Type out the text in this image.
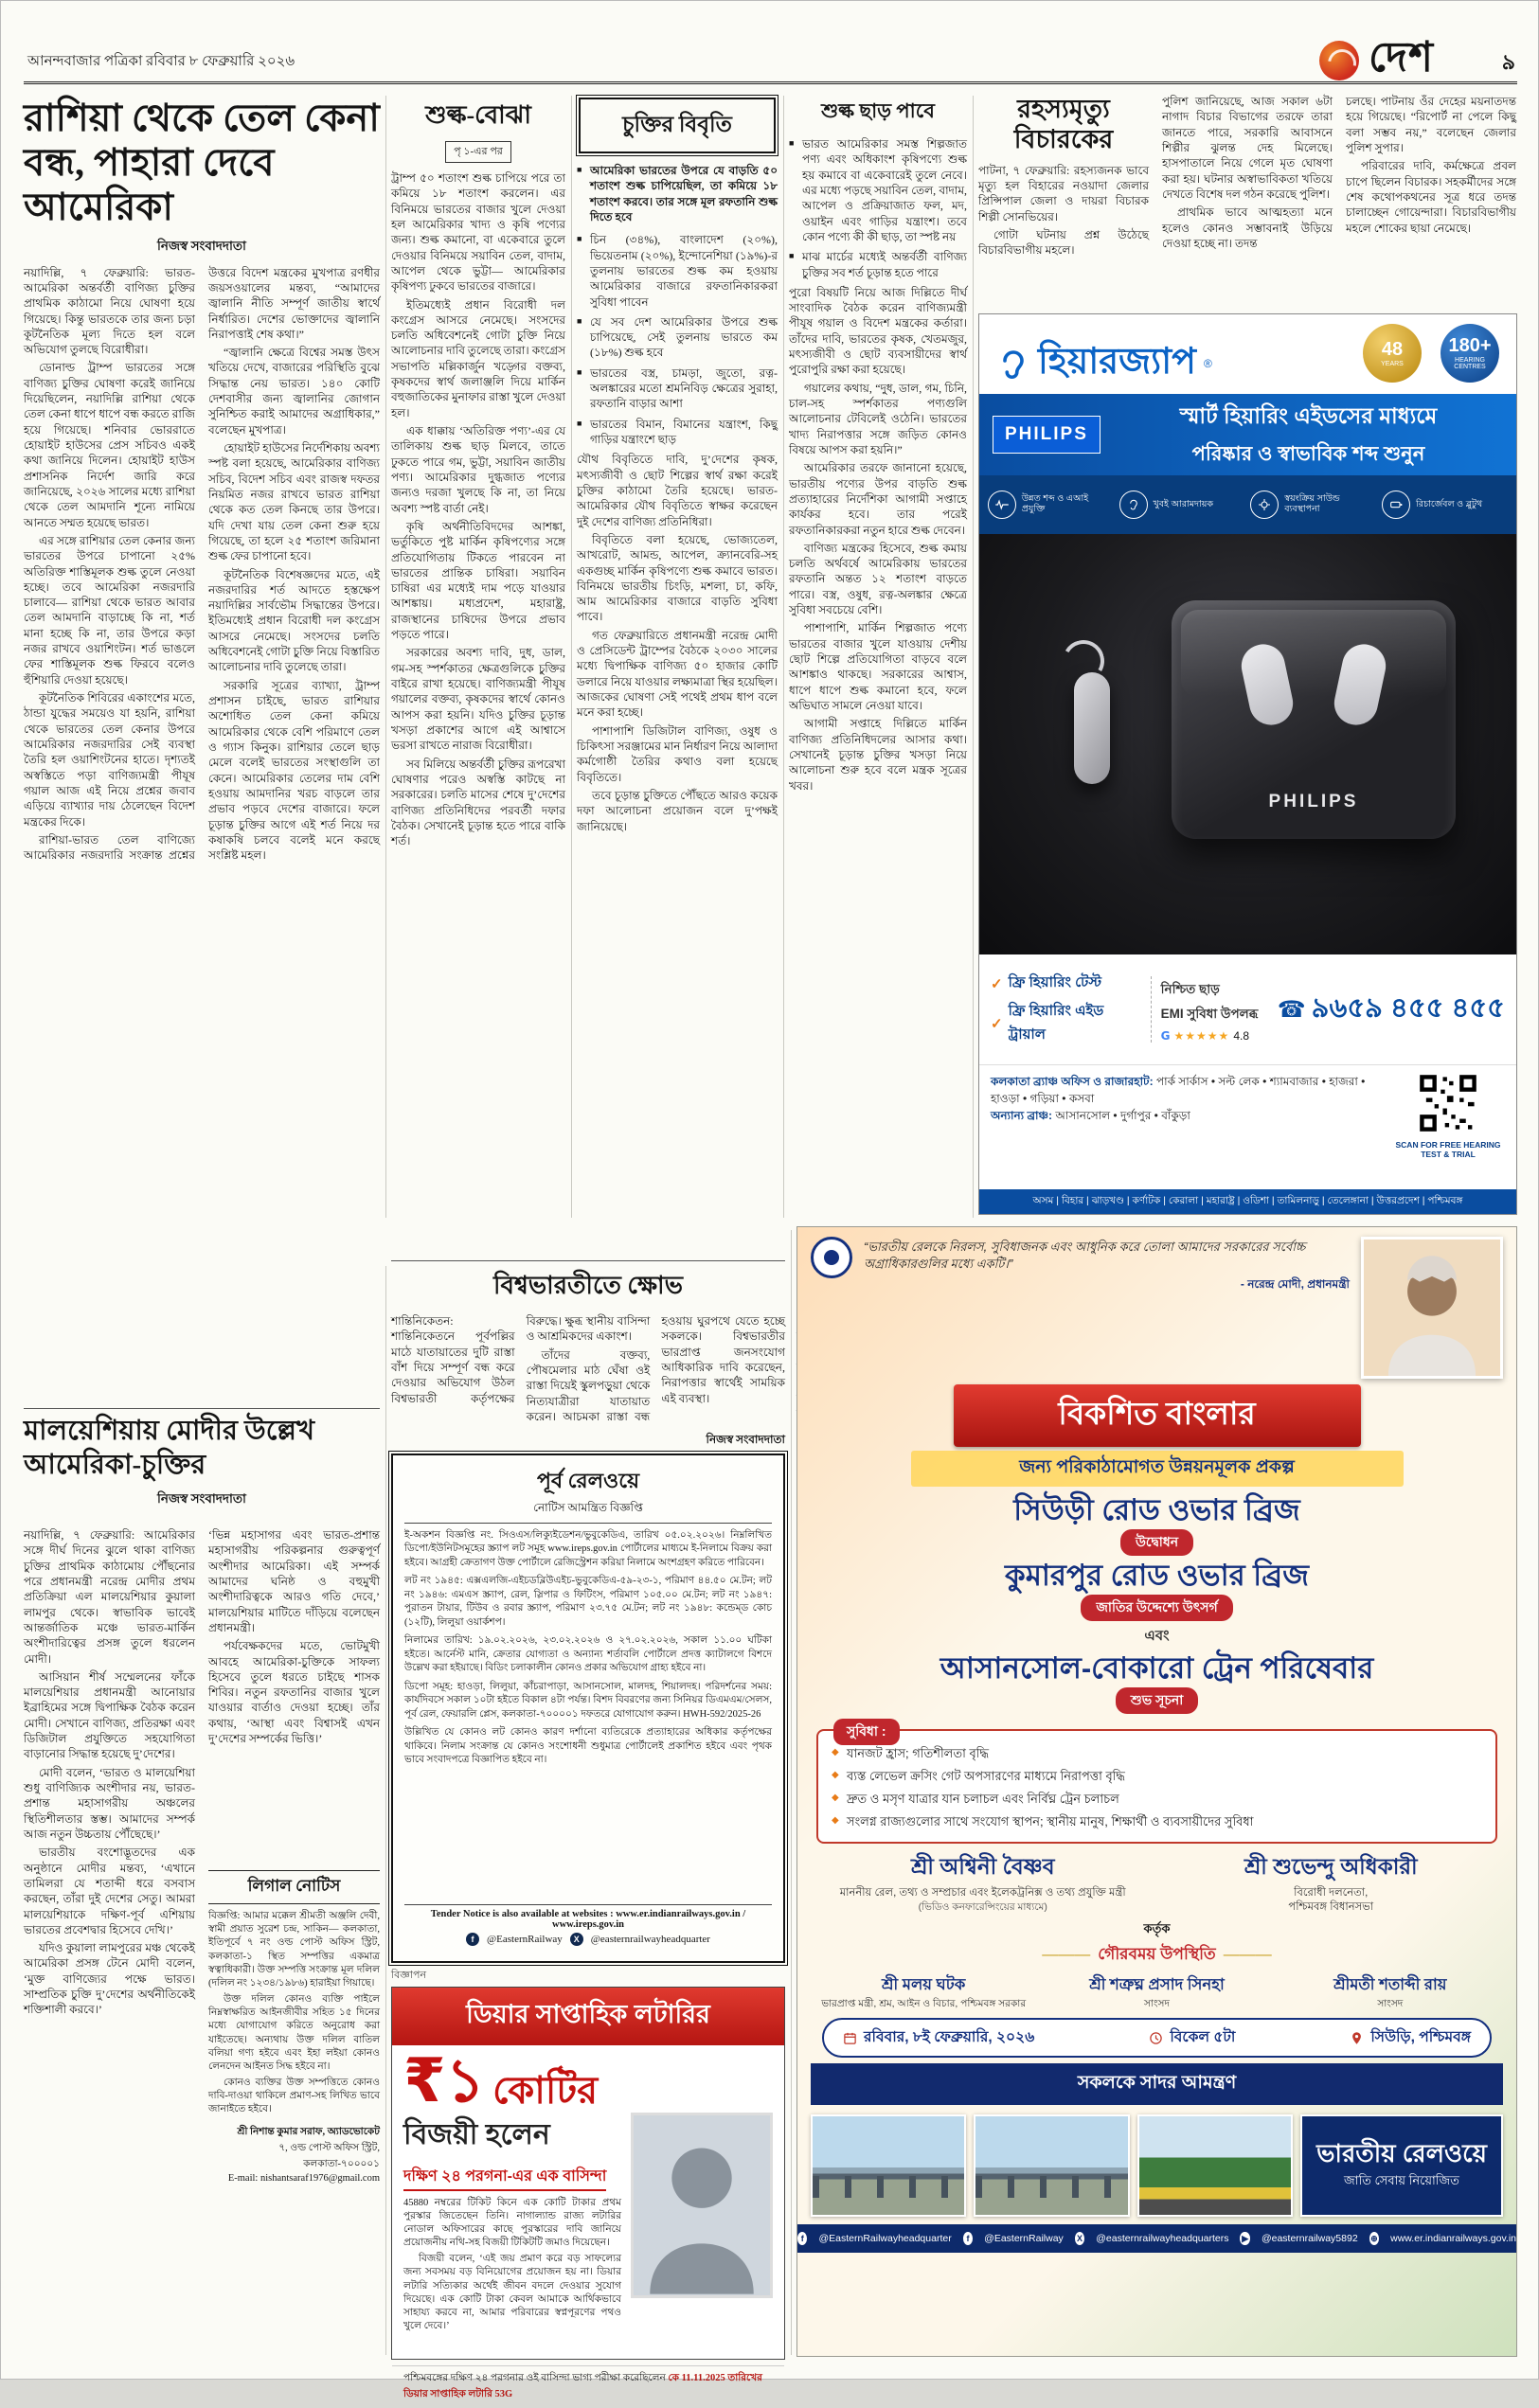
আনন্দবাজার পত্রিকা রবিবার ৮ ফেব্রুয়ারি ২০২৬	দেশ	৯
রাশিয়া থেকে তেল কেনা বন্ধ, পাহারা দেবে আমেরিকা
নিজস্ব সংবাদদাতা
নয়াদিল্লি, ৭ ফেব্রুয়ারি: ভারত-আমেরিকা অন্তর্বর্তী বাণিজ্য চুক্তির প্রাথমিক কাঠামো নিয়ে ঘোষণা হয়ে গিয়েছে। কিন্তু ভারতকে তার জন্য চড়া কূটনৈতিক মূল্য দিতে হল বলে অভিযোগ তুলছে বিরোধীরা।
ডোনাল্ড ট্রাম্প ভারতের সঙ্গে বাণিজ্য চুক্তির ঘোষণা করেই জানিয়ে দিয়েছিলেন, নয়াদিল্লি রাশিয়া থেকে তেল কেনা ধাপে ধাপে বন্ধ করতে রাজি হয়ে গিয়েছে। শনিবার ভোররাতে হোয়াইট হাউসের প্রেস সচিবও একই কথা জানিয়ে দিলেন। হোয়াইট হাউস প্রশাসনিক নির্দেশ জারি করে জানিয়েছে, ২০২৬ সালের মধ্যে রাশিয়া থেকে তেল আমদানি শূন্যে নামিয়ে আনতে সম্মত হয়েছে ভারত।
এর সঙ্গে রাশিয়ার তেল কেনার জন্য ভারতের উপরে চাপানো ২৫% অতিরিক্ত শাস্তিমূলক শুল্ক তুলে নেওয়া হচ্ছে। তবে আমেরিকা নজরদারি চালাবে— রাশিয়া থেকে ভারত আবার তেল আমদানি বাড়াচ্ছে কি না, শর্ত মানা হচ্ছে কি না, তার উপরে কড়া নজর রাখবে ওয়াশিংটন। শর্ত ভাঙলে ফের শাস্তিমূলক শুল্ক ফিরবে বলেও হুঁশিয়ারি দেওয়া হয়েছে।
কূটনৈতিক শিবিরের একাংশের মতে, ঠান্ডা যুদ্ধের সময়েও যা হয়নি, রাশিয়া থেকে ভারতের তেল কেনার উপরে আমেরিকার নজরদারির সেই ব্যবস্থা তৈরি হল ওয়াশিংটনের হাতে। দৃশ্যতই অস্বস্তিতে পড়া বাণিজ্যমন্ত্রী পীযূষ গয়াল আজ এই নিয়ে প্রশ্নের জবাব এড়িয়ে ব্যাখ্যার দায় ঠেলেছেন বিদেশ মন্ত্রকের দিকে।
রাশিয়া-ভারত তেল বাণিজ্যে আমেরিকার নজরদারি সংক্রান্ত প্রশ্নের উত্তরে বিদেশ মন্ত্রকের মুখপাত্র রণধীর জয়সওয়ালের মন্তব্য, “আমাদের জ্বালানি নীতি সম্পূর্ণ জাতীয় স্বার্থে নির্ধারিত। দেশের ভোক্তাদের জ্বালানি নিরাপত্তাই শেষ কথা।”
“জ্বালানি ক্ষেত্রে বিশ্বের সমস্ত উৎস খতিয়ে দেখে, বাজারের পরিস্থিতি বুঝে সিদ্ধান্ত নেয় ভারত। ১৪০ কোটি দেশবাসীর জন্য জ্বালানির জোগান সুনিশ্চিত করাই আমাদের অগ্রাধিকার,” বলেছেন মুখপাত্র।
হোয়াইট হাউসের নির্দেশিকায় অবশ্য স্পষ্ট বলা হয়েছে, আমেরিকার বাণিজ্য সচিব, বিদেশ সচিব এবং রাজস্ব দফতর নিয়মিত নজর রাখবে ভারত রাশিয়া থেকে কত তেল কিনছে তার উপরে। যদি দেখা যায় তেল কেনা শুরু হয়ে গিয়েছে, তা হলে ২৫ শতাংশ জরিমানা শুল্ক ফের চাপানো হবে।
কূটনৈতিক বিশেষজ্ঞদের মতে, এই নজরদারির শর্ত আদতে হস্তক্ষেপ নয়াদিল্লির সার্বভৌম সিদ্ধান্তের উপরে। ইতিমধ্যেই প্রধান বিরোধী দল কংগ্রেস আসরে নেমেছে। সংসদের চলতি অধিবেশনেই গোটা চুক্তি নিয়ে বিস্তারিত আলোচনার দাবি তুলেছে তারা।
সরকারি সূত্রের ব্যাখ্যা, ট্রাম্প প্রশাসন চাইছে, ভারত রাশিয়ার অশোধিত তেল কেনা কমিয়ে আমেরিকার থেকে বেশি পরিমাণে তেল ও গ্যাস কিনুক। রাশিয়ার তেলে ছাড় মেলে বলেই ভারতের সংস্থাগুলি তা কেনে। আমেরিকার তেলের দাম বেশি হওয়ায় আমদানির খরচ বাড়লে তার প্রভাব পড়বে দেশের বাজারে। ফলে চূড়ান্ত চুক্তির আগে এই শর্ত নিয়ে দর কষাকষি চলবে বলেই মনে করছে সংশ্লিষ্ট মহল।
শুল্ক-বোঝা
পৃ ১-এর পর
ট্রাম্প ৫০ শতাংশ শুল্ক চাপিয়ে পরে তা কমিয়ে ১৮ শতাংশ করলেন। এর বিনিময়ে ভারতের বাজার খুলে দেওয়া হল আমেরিকার খাদ্য ও কৃষি পণ্যের জন্য। শুল্ক কমানো, বা একেবারে তুলে দেওয়ার বিনিময়ে সয়াবিন তেল, বাদাম, আপেল থেকে ভুট্টা— আমেরিকার কৃষিপণ্য ঢুকবে ভারতের বাজারে।
ইতিমধ্যেই প্রধান বিরোধী দল কংগ্রেস আসরে নেমেছে। সংসদের চলতি অধিবেশনেই গোটা চুক্তি নিয়ে আলোচনার দাবি তুলেছে তারা। কংগ্রেস সভাপতি মল্লিকার্জুন খড়্গের বক্তব্য, কৃষকদের স্বার্থ জলাঞ্জলি দিয়ে মার্কিন বহুজাতিকের মুনাফার রাস্তা খুলে দেওয়া হল।
এক ধাক্কায় ‘অতিরিক্ত পণ্য’-এর যে তালিকায় শুল্ক ছাড় মিলবে, তাতে ঢুকতে পারে গম, ভুট্টা, সয়াবিন জাতীয় পণ্য। আমেরিকার দুগ্ধজাত পণ্যের জন্যও দরজা খুলছে কি না, তা নিয়ে অবশ্য স্পষ্ট বার্তা নেই।
কৃষি অর্থনীতিবিদদের আশঙ্কা, ভর্তুকিতে পুষ্ট মার্কিন কৃষিপণ্যের সঙ্গে প্রতিযোগিতায় টিকতে পারবেন না ভারতের প্রান্তিক চাষিরা। সয়াবিন চাষিরা এর মধ্যেই দাম পড়ে যাওয়ার আশঙ্কায়। মধ্যপ্রদেশ, মহারাষ্ট্র, রাজস্থানের চাষিদের উপরে প্রভাব পড়তে পারে।
সরকারের অবশ্য দাবি, দুধ, ডাল, গম-সহ স্পর্শকাতর ক্ষেত্রগুলিকে চুক্তির বাইরে রাখা হয়েছে। বাণিজ্যমন্ত্রী পীযূষ গয়ালের বক্তব্য, কৃষকদের স্বার্থে কোনও আপস করা হয়নি। যদিও চুক্তির চূড়ান্ত খসড়া প্রকাশের আগে এই আশ্বাসে ভরসা রাখতে নারাজ বিরোধীরা।
সব মিলিয়ে অন্তর্বর্তী চুক্তির রূপরেখা ঘোষণার পরেও অস্বস্তি কাটছে না সরকারের। চলতি মাসের শেষে দু’দেশের বাণিজ্য প্রতিনিধিদের পরবর্তী দফার বৈঠক। সেখানেই চূড়ান্ত হতে পারে বাকি শর্ত।
চুক্তির বিবৃতি
■ আমেরিকা ভারতের উপরে যে বাড়তি ৫০ শতাংশ শুল্ক চাপিয়েছিল, তা কমিয়ে ১৮ শতাংশ করবে। তার সঙ্গে মূল রফতানি শুল্ক দিতে হবে
■ চিন (৩৪%), বাংলাদেশ (২০%), ভিয়েতনাম (২০%), ইন্দোনেশিয়া (১৯%)-র তুলনায় ভারতের শুল্ক কম হওয়ায় আমেরিকার বাজারে রফতানিকারকরা সুবিধা পাবেন
■ যে সব দেশ আমেরিকার উপরে শুল্ক চাপিয়েছে, সেই তুলনায় ভারতে কম (১৮%) শুল্ক হবে
■ ভারতের বস্ত্র, চামড়া, জুতো, রত্ন-অলঙ্কারের মতো শ্রমনিবিড় ক্ষেত্রের সুরাহা, রফতানি বাড়ার আশা
■ ভারতের বিমান, বিমানের যন্ত্রাংশ, কিছু গাড়ির যন্ত্রাংশে ছাড়
যৌথ বিবৃতিতে দাবি, দু’দেশের কৃষক, মৎস্যজীবী ও ছোট শিল্পের স্বার্থ রক্ষা করেই চুক্তির কাঠামো তৈরি হয়েছে। ভারত-আমেরিকার যৌথ বিবৃতিতে স্বাক্ষর করেছেন দুই দেশের বাণিজ্য প্রতিনিধিরা।
বিবৃতিতে বলা হয়েছে, ভোজ্যতেল, আখরোট, আমন্ড, আপেল, ক্র্যানবেরি-সহ একগুচ্ছ মার্কিন কৃষিপণ্যে শুল্ক কমাবে ভারত। বিনিময়ে ভারতীয় চিংড়ি, মশলা, চা, কফি, আম আমেরিকার বাজারে বাড়তি সুবিধা পাবে।
গত ফেব্রুয়ারিতে প্রধানমন্ত্রী নরেন্দ্র মোদী ও প্রেসিডেন্ট ট্রাম্পের বৈঠকে ২০৩০ সালের মধ্যে দ্বিপাক্ষিক বাণিজ্য ৫০ হাজার কোটি ডলারে নিয়ে যাওয়ার লক্ষ্যমাত্রা স্থির হয়েছিল। আজকের ঘোষণা সেই পথেই প্রথম ধাপ বলে মনে করা হচ্ছে।
পাশাপাশি ডিজিটাল বাণিজ্য, ওষুধ ও চিকিৎসা সরঞ্জামের মান নির্ধারণ নিয়ে আলাদা কর্মগোষ্ঠী তৈরির কথাও বলা হয়েছে বিবৃতিতে।
তবে চূড়ান্ত চুক্তিতে পৌঁছতে আরও কয়েক দফা আলোচনা প্রয়োজন বলে দু’পক্ষই জানিয়েছে।
শুল্ক ছাড় পাবে
■ ভারত আমেরিকার সমস্ত শিল্পজাত পণ্য এবং অধিকাংশ কৃষিপণ্যে শুল্ক হয় কমাবে বা একেবারেই তুলে নেবে। এর মধ্যে পড়ছে সয়াবিন তেল, বাদাম, আপেল ও প্রক্রিয়াজাত ফল, মদ, ওয়াইন এবং গাড়ির যন্ত্রাংশ। তবে কোন পণ্যে কী কী ছাড়, তা স্পষ্ট নয়
■ মাঝ মার্চের মধ্যেই অন্তর্বর্তী বাণিজ্য চুক্তির সব শর্ত চূড়ান্ত হতে পারে
পুরো বিষয়টি নিয়ে আজ দিল্লিতে দীর্ঘ সাংবাদিক বৈঠক করেন বাণিজ্যমন্ত্রী পীযূষ গয়াল ও বিদেশ মন্ত্রকের কর্তারা। তাঁদের দাবি, ভারতের কৃষক, খেতমজুর, মৎস্যজীবী ও ছোট ব্যবসায়ীদের স্বার্থ পুরোপুরি রক্ষা করা হয়েছে।
গয়ালের কথায়, “দুধ, ডাল, গম, চিনি, চাল-সহ স্পর্শকাতর পণ্যগুলি আলোচনার টেবিলেই ওঠেনি। ভারতের খাদ্য নিরাপত্তার সঙ্গে জড়িত কোনও বিষয়ে আপস করা হয়নি।”
আমেরিকার তরফে জানানো হয়েছে, ভারতীয় পণ্যের উপর বাড়তি শুল্ক প্রত্যাহারের নির্দেশিকা আগামী সপ্তাহে কার্যকর হবে। তার পরেই রফতানিকারকরা নতুন হারে শুল্ক দেবেন।
বাণিজ্য মন্ত্রকের হিসেবে, শুল্ক কমায় চলতি অর্থবর্ষে আমেরিকায় ভারতের রফতানি অন্তত ১২ শতাংশ বাড়তে পারে। বস্ত্র, ওষুধ, রত্ন-অলঙ্কার ক্ষেত্রে সুবিধা সবচেয়ে বেশি।
পাশাপাশি, মার্কিন শিল্পজাত পণ্যে ভারতের বাজার খুলে যাওয়ায় দেশীয় ছোট শিল্পে প্রতিযোগিতা বাড়বে বলে আশঙ্কাও থাকছে। সরকারের আশ্বাস, ধাপে ধাপে শুল্ক কমানো হবে, ফলে অভিঘাত সামলে নেওয়া যাবে।
আগামী সপ্তাহে দিল্লিতে মার্কিন বাণিজ্য প্রতিনিধিদলের আসার কথা। সেখানেই চূড়ান্ত চুক্তির খসড়া নিয়ে আলোচনা শুরু হবে বলে মন্ত্রক সূত্রের খবর।
রহস্যমৃত্যু বিচারকের
পাটনা, ৭ ফেব্রুয়ারি: রহস্যজনক ভাবে মৃত্যু হল বিহারের নওয়াদা জেলার প্রিন্সিপাল জেলা ও দায়রা বিচারক শিল্পী সোনভিয়ের।
গোটা ঘটনায় প্রশ্ন উঠেছে বিচারবিভাগীয় মহলে।
পুলিশ জানিয়েছে, আজ সকাল ৬টা নাগাদ বিচার বিভাগের তরফে তারা জানতে পারে, সরকারি আবাসনে শিল্পীর ঝুলন্ত দেহ মিলেছে। হাসপাতালে নিয়ে গেলে মৃত ঘোষণা করা হয়। ঘটনার অস্বাভাবিকতা খতিয়ে দেখতে বিশেষ দল গঠন করেছে পুলিশ।
প্রাথমিক ভাবে আত্মহত্যা মনে হলেও কোনও সম্ভাবনাই উড়িয়ে দেওয়া হচ্ছে না। তদন্ত
চলছে। পাটনায় ওঁর দেহের ময়নাতদন্ত হয়ে গিয়েছে। “রিপোর্ট না পেলে কিছু বলা সম্ভব নয়,” বলেছেন জেলার পুলিশ সুপার।
পরিবারের দাবি, কর্মক্ষেত্রে প্রবল চাপে ছিলেন বিচারক। সহকর্মীদের সঙ্গে শেষ কথোপকথনের সূত্র ধরে তদন্ত চালাচ্ছেন গোয়েন্দারা। বিচারবিভাগীয় মহলে শোকের ছায়া নেমেছে।
হিয়ারজ্যাপ ®
48
YEARS
180+
HEARING CENTRES
PHILIPS
স্মার্ট হিয়ারিং এইডসের মাধ্যমে
পরিষ্কার ও স্বাভাবিক শব্দ শুনুন
উন্নত শব্দ ও এআই প্রযুক্তি	খুবই আরামদায়ক	স্বয়ংক্রিয় সাউন্ড ব্যবস্থাপনা	রিচার্জেবল ও ব্লুটুথ
PHILIPS
✓ ফ্রি হিয়ারিং টেস্ট
✓
ফ্রি হিয়ারিং এইড ট্রায়াল
নিশ্চিত ছাড়
EMI সুবিধা উপলব্ধ
G ★★★★★ 4.8
☎ ৯৬৫৯ ৪৫৫ ৪৫৫
কলকাতা ব্র্যাঞ্চ অফিস ও রাজারহাট: পার্ক সার্কাস • সল্ট লেক • শ্যামবাজার • হাজরা • হাওড়া • গড়িয়া • কসবা
অন্যান্য ব্রাঞ্চ: আসানসোল • দুর্গাপুর • বাঁকুড়া
SCAN FOR FREE HEARING TEST & TRIAL
অসম | বিহার | ঝাড়খণ্ড | কর্ণাটক | কেরালা | মহারাষ্ট্র | ওডিশা | তামিলনাড়ু | তেলেঙ্গানা | উত্তরপ্রদেশ | পশ্চিমবঙ্গ
মালয়েশিয়ায় মোদীর উল্লেখ আমেরিকা-চুক্তির
নিজস্ব সংবাদদাতা
নয়াদিল্লি, ৭ ফেব্রুয়ারি: আমেরিকার সঙ্গে দীর্ঘ দিনের ঝুলে থাকা বাণিজ্য চুক্তির প্রাথমিক কাঠামোয় পৌঁছনোর পরে প্রধানমন্ত্রী নরেন্দ্র মোদীর প্রথম প্রতিক্রিয়া এল মালয়েশিয়ার কুয়ালা লামপুর থেকে। স্বাভাবিক ভাবেই আন্তর্জাতিক মঞ্চে ভারত-মার্কিন অংশীদারিত্বের প্রসঙ্গ তুলে ধরলেন মোদী।
আসিয়ান শীর্ষ সম্মেলনের ফাঁকে মালয়েশিয়ার প্রধানমন্ত্রী আনোয়ার ইব্রাহিমের সঙ্গে দ্বিপাক্ষিক বৈঠক করেন মোদী। সেখানে বাণিজ্য, প্রতিরক্ষা এবং ডিজিটাল প্রযুক্তিতে সহযোগিতা বাড়ানোর সিদ্ধান্ত হয়েছে দু’দেশের।
মোদী বলেন, ‘ভারত ও মালয়েশিয়া শুধু বাণিজ্যিক অংশীদার নয়, ভারত-প্রশান্ত মহাসাগরীয় অঞ্চলের স্থিতিশীলতার স্তম্ভ। আমাদের সম্পর্ক আজ নতুন উচ্চতায় পৌঁছেছে।’
ভারতীয় বংশোদ্ভূতদের এক অনুষ্ঠানে মোদীর মন্তব্য, ‘এখানে তামিলরা যে শতাব্দী ধরে বসবাস করছেন, তাঁরা দুই দেশের সেতু। আমরা মালয়েশিয়াকে দক্ষিণ-পূর্ব এশিয়ায় ভারতের প্রবেশদ্বার হিসেবে দেখি।’
যদিও কুয়ালা লামপুরের মঞ্চ থেকেই আমেরিকা প্রসঙ্গ টেনে মোদী বলেন, ‘মুক্ত বাণিজ্যের পক্ষে ভারত। সাম্প্রতিক চুক্তি দু’দেশের অর্থনীতিকেই শক্তিশালী করবে।’
‘ভিন্ন মহাসাগর এবং ভারত-প্রশান্ত মহাসাগরীয় পরিকল্পনার গুরুত্বপূর্ণ অংশীদার আমেরিকা। এই সম্পর্ক আমাদের ঘনিষ্ঠ ও বহুমুখী অংশীদারিত্বকে আরও গতি দেবে,’ মালয়েশিয়ার মাটিতে দাঁড়িয়ে বলেছেন প্রধানমন্ত্রী।
পর্যবেক্ষকদের মতে, ভোটমুখী আবহে আমেরিকা-চুক্তিকে সাফল্য হিসেবে তুলে ধরতে চাইছে শাসক শিবির। নতুন রফতানির বাজার খুলে যাওয়ার বার্তাও দেওয়া হচ্ছে। তাঁর কথায়, ‘আস্থা এবং বিশ্বাসই এখন দু’দেশের সম্পর্কের ভিত্তি।’
লিগাল নোটিস
বিজ্ঞপ্তি: আমার মক্কেল শ্রীমতী অঞ্জলি দেবী, স্বামী প্রয়াত সুরেশ চন্দ্র, সাকিন— কলকাতা, ইতিপূর্বে ৭ নং ওল্ড পোস্ট অফিস স্ট্রিট, কলকাতা-১ স্থিত সম্পত্তির একমাত্র স্বত্বাধিকারী। উক্ত সম্পত্তি সংক্রান্ত মূল দলিল (দলিল নং ১২৩৪/১৯৮৬) হারাইয়া গিয়াছে।
উক্ত দলিল কোনও ব্যক্তি পাইলে নিম্নস্বাক্ষরিত আইনজীবীর সহিত ১৫ দিনের মধ্যে যোগাযোগ করিতে অনুরোধ করা যাইতেছে। অন্যথায় উক্ত দলিল বাতিল বলিয়া গণ্য হইবে এবং ইহা লইয়া কোনও লেনদেন আইনত সিদ্ধ হইবে না।
কোনও ব্যক্তির উক্ত সম্পত্তিতে কোনও দাবি-দাওয়া থাকিলে প্রমাণ-সহ লিখিত ভাবে জানাইতে হইবে।
শ্রী নিশান্ত কুমার সরাফ, অ্যাডভোকেট
৭, ওল্ড পোস্ট অফিস স্ট্রিট, কলকাতা-৭০০০০১
E-mail: nishantsaraf1976@gmail.com
বিশ্বভারতীতে ক্ষোভ
শান্তিনিকেতন: শান্তিনিকেতনে পূর্বপল্লির মাঠে যাতায়াতের দুটি রাস্তা বাঁশ দিয়ে সম্পূর্ণ বন্ধ করে দেওয়ার অভিযোগ উঠল বিশ্বভারতী কর্তৃপক্ষের বিরুদ্ধে। ক্ষুব্ধ স্থানীয় বাসিন্দা ও আশ্রমিকদের একাংশ।
তাঁদের বক্তব্য, পৌষমেলার মাঠ ঘেঁষা ওই রাস্তা দিয়েই স্কুলপড়ুয়া থেকে নিত্যযাত্রীরা যাতায়াত করেন। আচমকা রাস্তা বন্ধ হওয়ায় ঘুরপথে যেতে হচ্ছে সকলকে। বিশ্বভারতীর ভারপ্রাপ্ত জনসংযোগ আধিকারিক দাবি করেছেন, নিরাপত্তার স্বার্থেই সাময়িক এই ব্যবস্থা।
নিজস্ব সংবাদদাতা
পূর্ব রেলওয়ে
নোটিস আমন্ত্রিত বিজ্ঞপ্তি
ই-অকশন বিজ্ঞপ্তি নং. সিওএস/লিক্যুইডেশন/ভুবুকেডিএ, তারিখ ০৫.০২.২০২৬। নিম্নলিখিত ডিপো/ইউনিটসমূহের স্ক্র্যাপ লট সমূহ www.ireps.gov.in পোর্টালের মাধ্যমে ই-নিলামে বিক্রয় করা হইবে। আগ্রহী ক্রেতাগণ উক্ত পোর্টালে রেজিস্ট্রেশন করিয়া নিলামে অংশগ্রহণ করিতে পারিবেন।
লট নং ১৯৪৫: এক্সএলজি-এইচডব্লিউএইচ-ভুবুকেডিএ-৫৯-২৩-১, পরিমাণ ৪৪.৫০ মে.টন; লট নং ১৯৪৬: এমএস স্ক্র্যাপ, রেল, স্লিপার ও ফিটিংস, পরিমাণ ১০৫.০০ মে.টন; লট নং ১৯৪৭: পুরাতন টায়ার, টিউব ও রবার স্ক্র্যাপ, পরিমাণ ২৩.৭৫ মে.টন; লট নং ১৯৪৮: কন্ডেম্ড কোচ (১২টি), লিলুয়া ওয়ার্কশপ।
নিলামের তারিখ: ১৯.০২.২০২৬, ২৩.০২.২০২৬ ও ২৭.০২.২০২৬, সকাল ১১.০০ ঘটিকা হইতে। আর্নেস্ট মানি, ক্রেতার যোগ্যতা ও অন্যান্য শর্তাবলি পোর্টালে প্রদত্ত ক্যাটালগে বিশদে উল্লেখ করা হইয়াছে। বিডিং চলাকালীন কোনও প্রকার অভিযোগ গ্রাহ্য হইবে না।
ডিপো সমূহ: হাওড়া, লিলুয়া, কাঁচরাপাড়া, আসানসোল, মালদহ, শিয়ালদহ। পরিদর্শনের সময়: কার্যদিবসে সকাল ১০টা হইতে বিকাল ৪টা পর্যন্ত। বিশদ বিবরণের জন্য সিনিয়র ডিএমএম/সেলস, পূর্ব রেল, ফেয়ারলি প্লেস, কলকাতা-৭০০০০১ দফতরে যোগাযোগ করুন। HWH-592/2025-26
উল্লিখিত যে কোনও লট কোনও কারণ দর্শানো ব্যতিরেকে প্রত্যাহারের অধিকার কর্তৃপক্ষের থাকিবে। নিলাম সংক্রান্ত যে কোনও সংশোধনী শুধুমাত্র পোর্টালেই প্রকাশিত হইবে এবং পৃথক ভাবে সংবাদপত্রে বিজ্ঞাপিত হইবে না।
Tender Notice is also available at websites : www.er.indianrailways.gov.in / www.ireps.gov.in
f	@EasternRailway	X	@easternrailwayheadquarter
বিজ্ঞাপন
ডিয়ার সাপ্তাহিক লটারির
₹১ কোটির
বিজয়ী হলেন
দক্ষিণ ২৪ পরগনা-এর এক বাসিন্দা
45880 নম্বরের টিকিট কিনে এক কোটি টাকার প্রথম পুরস্কার জিতেছেন তিনি। নাগাল্যান্ড রাজ্য লটারির নোডাল অফিসারের কাছে পুরস্কারের দাবি জানিয়ে প্রয়োজনীয় নথি-সহ বিজয়ী টিকিটটি জমাও দিয়েছেন।
বিজয়ী বলেন, ‘এই জয় প্রমাণ করে বড় সাফল্যের জন্য সবসময় বড় বিনিয়োগের প্রয়োজন হয় না। ডিয়ার লটারি সত্যিকার অর্থেই জীবন বদলে দেওয়ার সুযোগ দিয়েছে। এক কোটি টাকা কেবল আমাকে আর্থিকভাবে সাহায্য করবে না, আমার পরিবারের স্বপ্নপূরণের পথও খুলে দেবে।’
পশ্চিমবঙ্গের দক্ষিণ ২৪ পরগনার ওই বাসিন্দা ভাগ্য পরীক্ষা করেছিলেন কে 11.11.2025 তারিখের ডিয়ার সাপ্তাহিক লটারি 53G
“ভারতীয় রেলকে নিরলস, সুবিধাজনক এবং আধুনিক করে তোলা আমাদের সরকারের সর্বোচ্চ অগ্রাধিকারগুলির মধ্যে একটি।”
- নরেন্দ্র মোদী, প্রধানমন্ত্রী
বিকশিত বাংলার
জন্য পরিকাঠামোগত উন্নয়নমূলক প্রকল্প
সিউড়ী রোড ওভার ব্রিজ
উদ্বোধন
কুমারপুর রোড ওভার ব্রিজ
জাতির উদ্দেশ্যে উৎসর্গ
এবং
আসানসোল-বোকারো ট্রেন পরিষেবার
শুভ সূচনা
সুবিধা :
◆ যানজট হ্রাস; গতিশীলতা বৃদ্ধি
◆ ব্যস্ত লেভেল ক্রসিং গেট অপসারণের মাধ্যমে নিরাপত্তা বৃদ্ধি
◆ দ্রুত ও মসৃণ যাত্রার যান চলাচল এবং নির্বিঘ্ন ট্রেন চলাচল
◆ সংলগ্ন রাজ্যগুলোর সাথে সংযোগ স্থাপন; স্থানীয় মানুষ, শিক্ষার্থী ও ব্যবসায়ীদের সুবিধা
শ্রী অশ্বিনী বৈষ্ণব
মাননীয় রেল, তথ্য ও সম্প্রচার এবং ইলেকট্রনিক্স ও তথ্য প্রযুক্তি মন্ত্রী
(ভিডিও কনফারেন্সিংয়ের মাধ্যমে)
শ্রী শুভেন্দু অধিকারী
বিরোধী দলনেতা,
পশ্চিমবঙ্গ বিধানসভা
কর্তৃক
——— গৌরবময় উপস্থিতি ———
শ্রী মলয় ঘটক
ভারপ্রাপ্ত মন্ত্রী, শ্রম, আইন ও বিচার, পশ্চিমবঙ্গ সরকার
শ্রী শত্রুঘ্ন প্রসাদ সিনহা
সাংসদ
শ্রীমতী শতাব্দী রায়
সাংসদ
রবিবার, ৮ই ফেব্রুয়ারি, ২০২৬	বিকেল ৫টা	সিউড়ি, পশ্চিমবঙ্গ
সকলকে সাদর আমন্ত্রণ
ভারতীয় রেলওয়ে
জাতি সেবায় নিয়োজিত
f	@EasternRailwayheadquarter	f	@EasternRailway X @easternrailwayheadquarters ▶ @easternrailway5892 ⊕ www.er.indianrailways.gov.in
